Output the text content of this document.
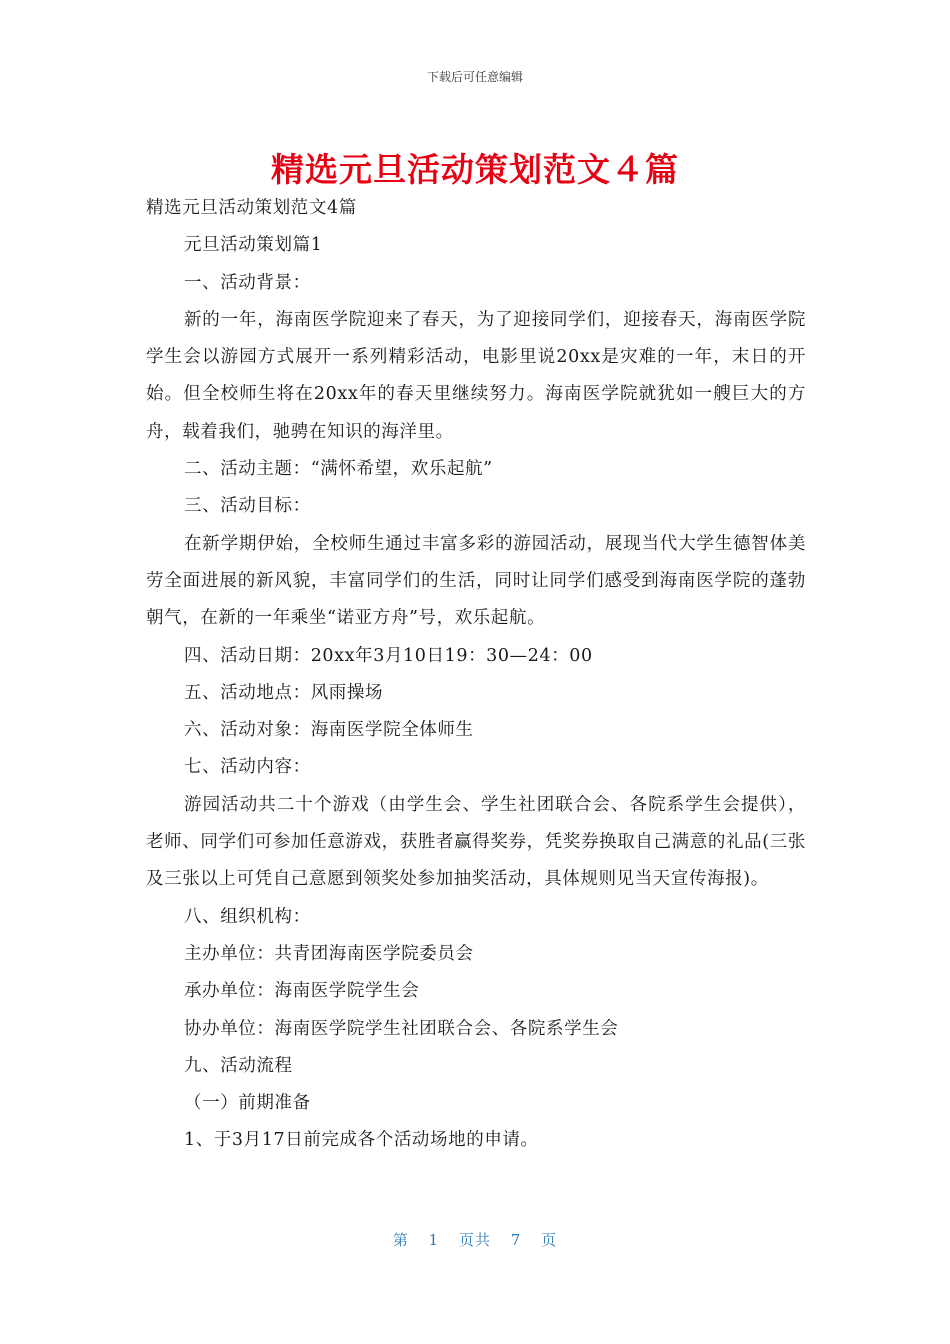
下载后可任意编辑
精选元旦活动策划范文４篇

精选元旦活动策划范文4篇

元旦活动策划篇1

一、活动背景：

新的一年，海南医学院迎来了春天，为了迎接同学们，迎接春天，海南医学院学生会以游园方式展开一系列精彩活动，电影里说20xx是灾难的一年，末日的开始。但全校师生将在20xx年的春天里继续努力。海南医学院就犹如一艘巨大的方舟，载着我们，驰骋在知识的海洋里。

二、活动主题：“满怀希望，欢乐起航”

三、活动目标：

在新学期伊始，全校师生通过丰富多彩的游园活动，展现当代大学生德智体美劳全面进展的新风貌，丰富同学们的生活，同时让同学们感受到海南医学院的蓬勃朝气，在新的一年乘坐“诺亚方舟”号，欢乐起航。

四、活动日期：20xx年3月10日19：30—24：00

五、活动地点：风雨操场

六、活动对象：海南医学院全体师生

七、活动内容：

游园活动共二十个游戏（由学生会、学生社团联合会、各院系学生会提供），老师、同学们可参加任意游戏，获胜者赢得奖券，凭奖券换取自己满意的礼品(三张及三张以上可凭自己意愿到领奖处参加抽奖活动，具体规则见当天宣传海报)。

八、组织机构：

主办单位：共青团海南医学院委员会

承办单位：海南医学院学生会

协办单位：海南医学院学生社团联合会、各院系学生会

九、活动流程

（一）前期准备

1、于3月17日前完成各个活动场地的申请。

第 1 页共 7 页
